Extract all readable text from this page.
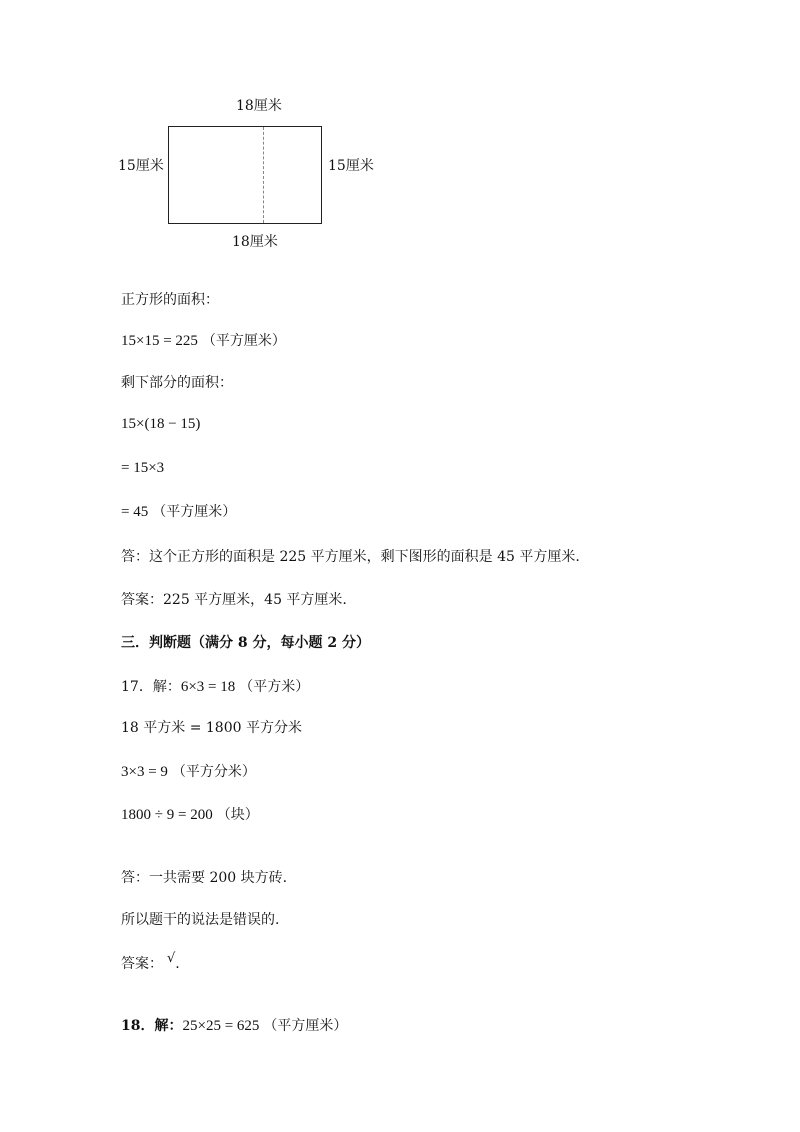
18厘米
15厘米	15厘米
18厘米
正方形的面积：
15×15 = 225 （平方厘米）
剩下部分的面积：
15×(18 − 15)
= 15×3
= 45 （平方厘米）
答：这个正方形的面积是 225 平方厘米，剩下图形的面积是 45 平方厘米.
答案：225 平方厘米，45 平方厘米.
三．判断题（满分 8 分，每小题 2 分）
17．解：6×3 = 18 （平方米）
18 平方米 = 1800 平方分米
3×3 = 9 （平方分米）
1800 ÷ 9 = 200 （块）
答：一共需要 200 块方砖.
所以题干的说法是错误的.
答案： √.
18．解：25×25 = 625 （平方厘米）
